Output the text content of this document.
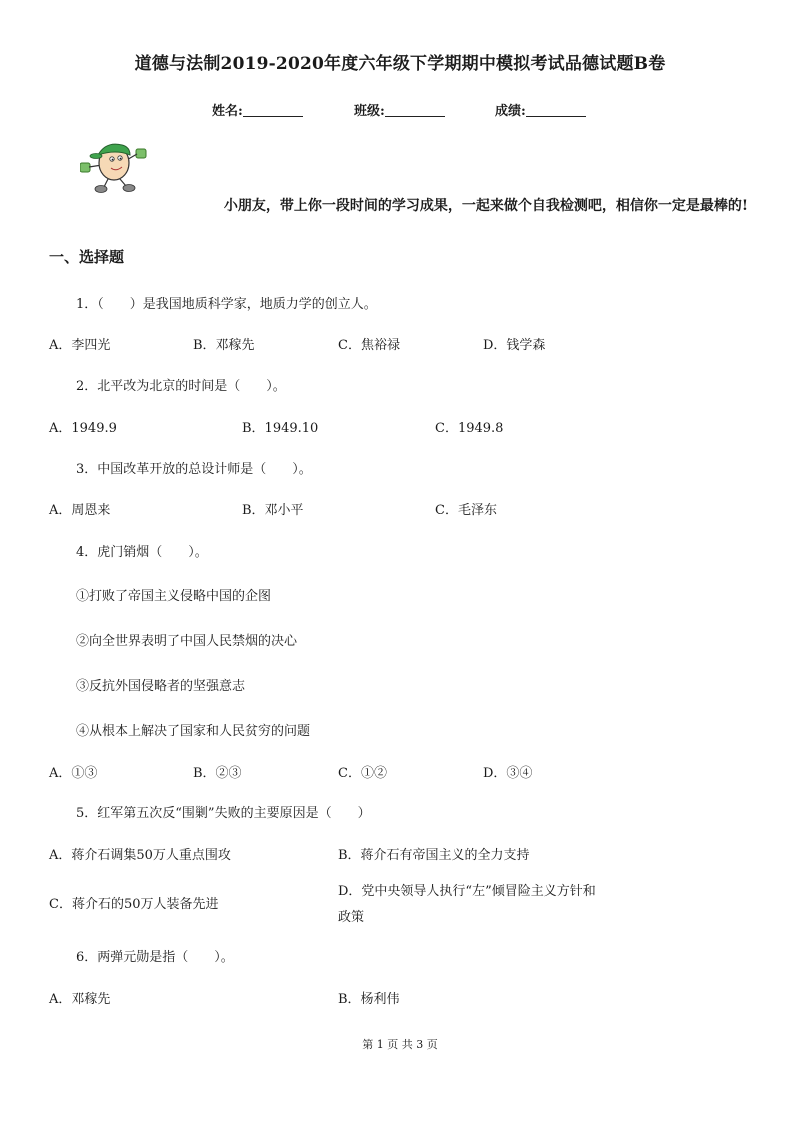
道德与法制2019-2020年度六年级下学期期中模拟考试品德试题B卷
姓名:	班级:	成绩:
小朋友，带上你一段时间的学习成果，一起来做个自我检测吧，相信你一定是最棒的!
一、选择题
1．（　　）是我国地质科学家，地质力学的创立人。
A．李四光	B．邓稼先	C．焦裕禄	D．钱学森
2．北平改为北京的时间是（　　）。
A．1949.9	B．1949.10	C．1949.8
3．中国改革开放的总设计师是（　　）。
A．周恩来	B．邓小平	C．毛泽东
4．虎门销烟（　　）。
①打败了帝国主义侵略中国的企图
②向全世界表明了中国人民禁烟的决心
③反抗外国侵略者的坚强意志
④从根本上解决了国家和人民贫穷的问题
A．①③	B．②③	C．①②	D．③④
5．红军第五次反“围剿”失败的主要原因是（　　）
A．蒋介石调集50万人重点围攻	B．蒋介石有帝国主义的全力支持
C．蒋介石的50万人装备先进
D．党中央领导人执行“左”倾冒险主义方针和
政策
6．两弹元勋是指（　　）。
A．邓稼先	B．杨利伟
第 1 页 共 3 页
